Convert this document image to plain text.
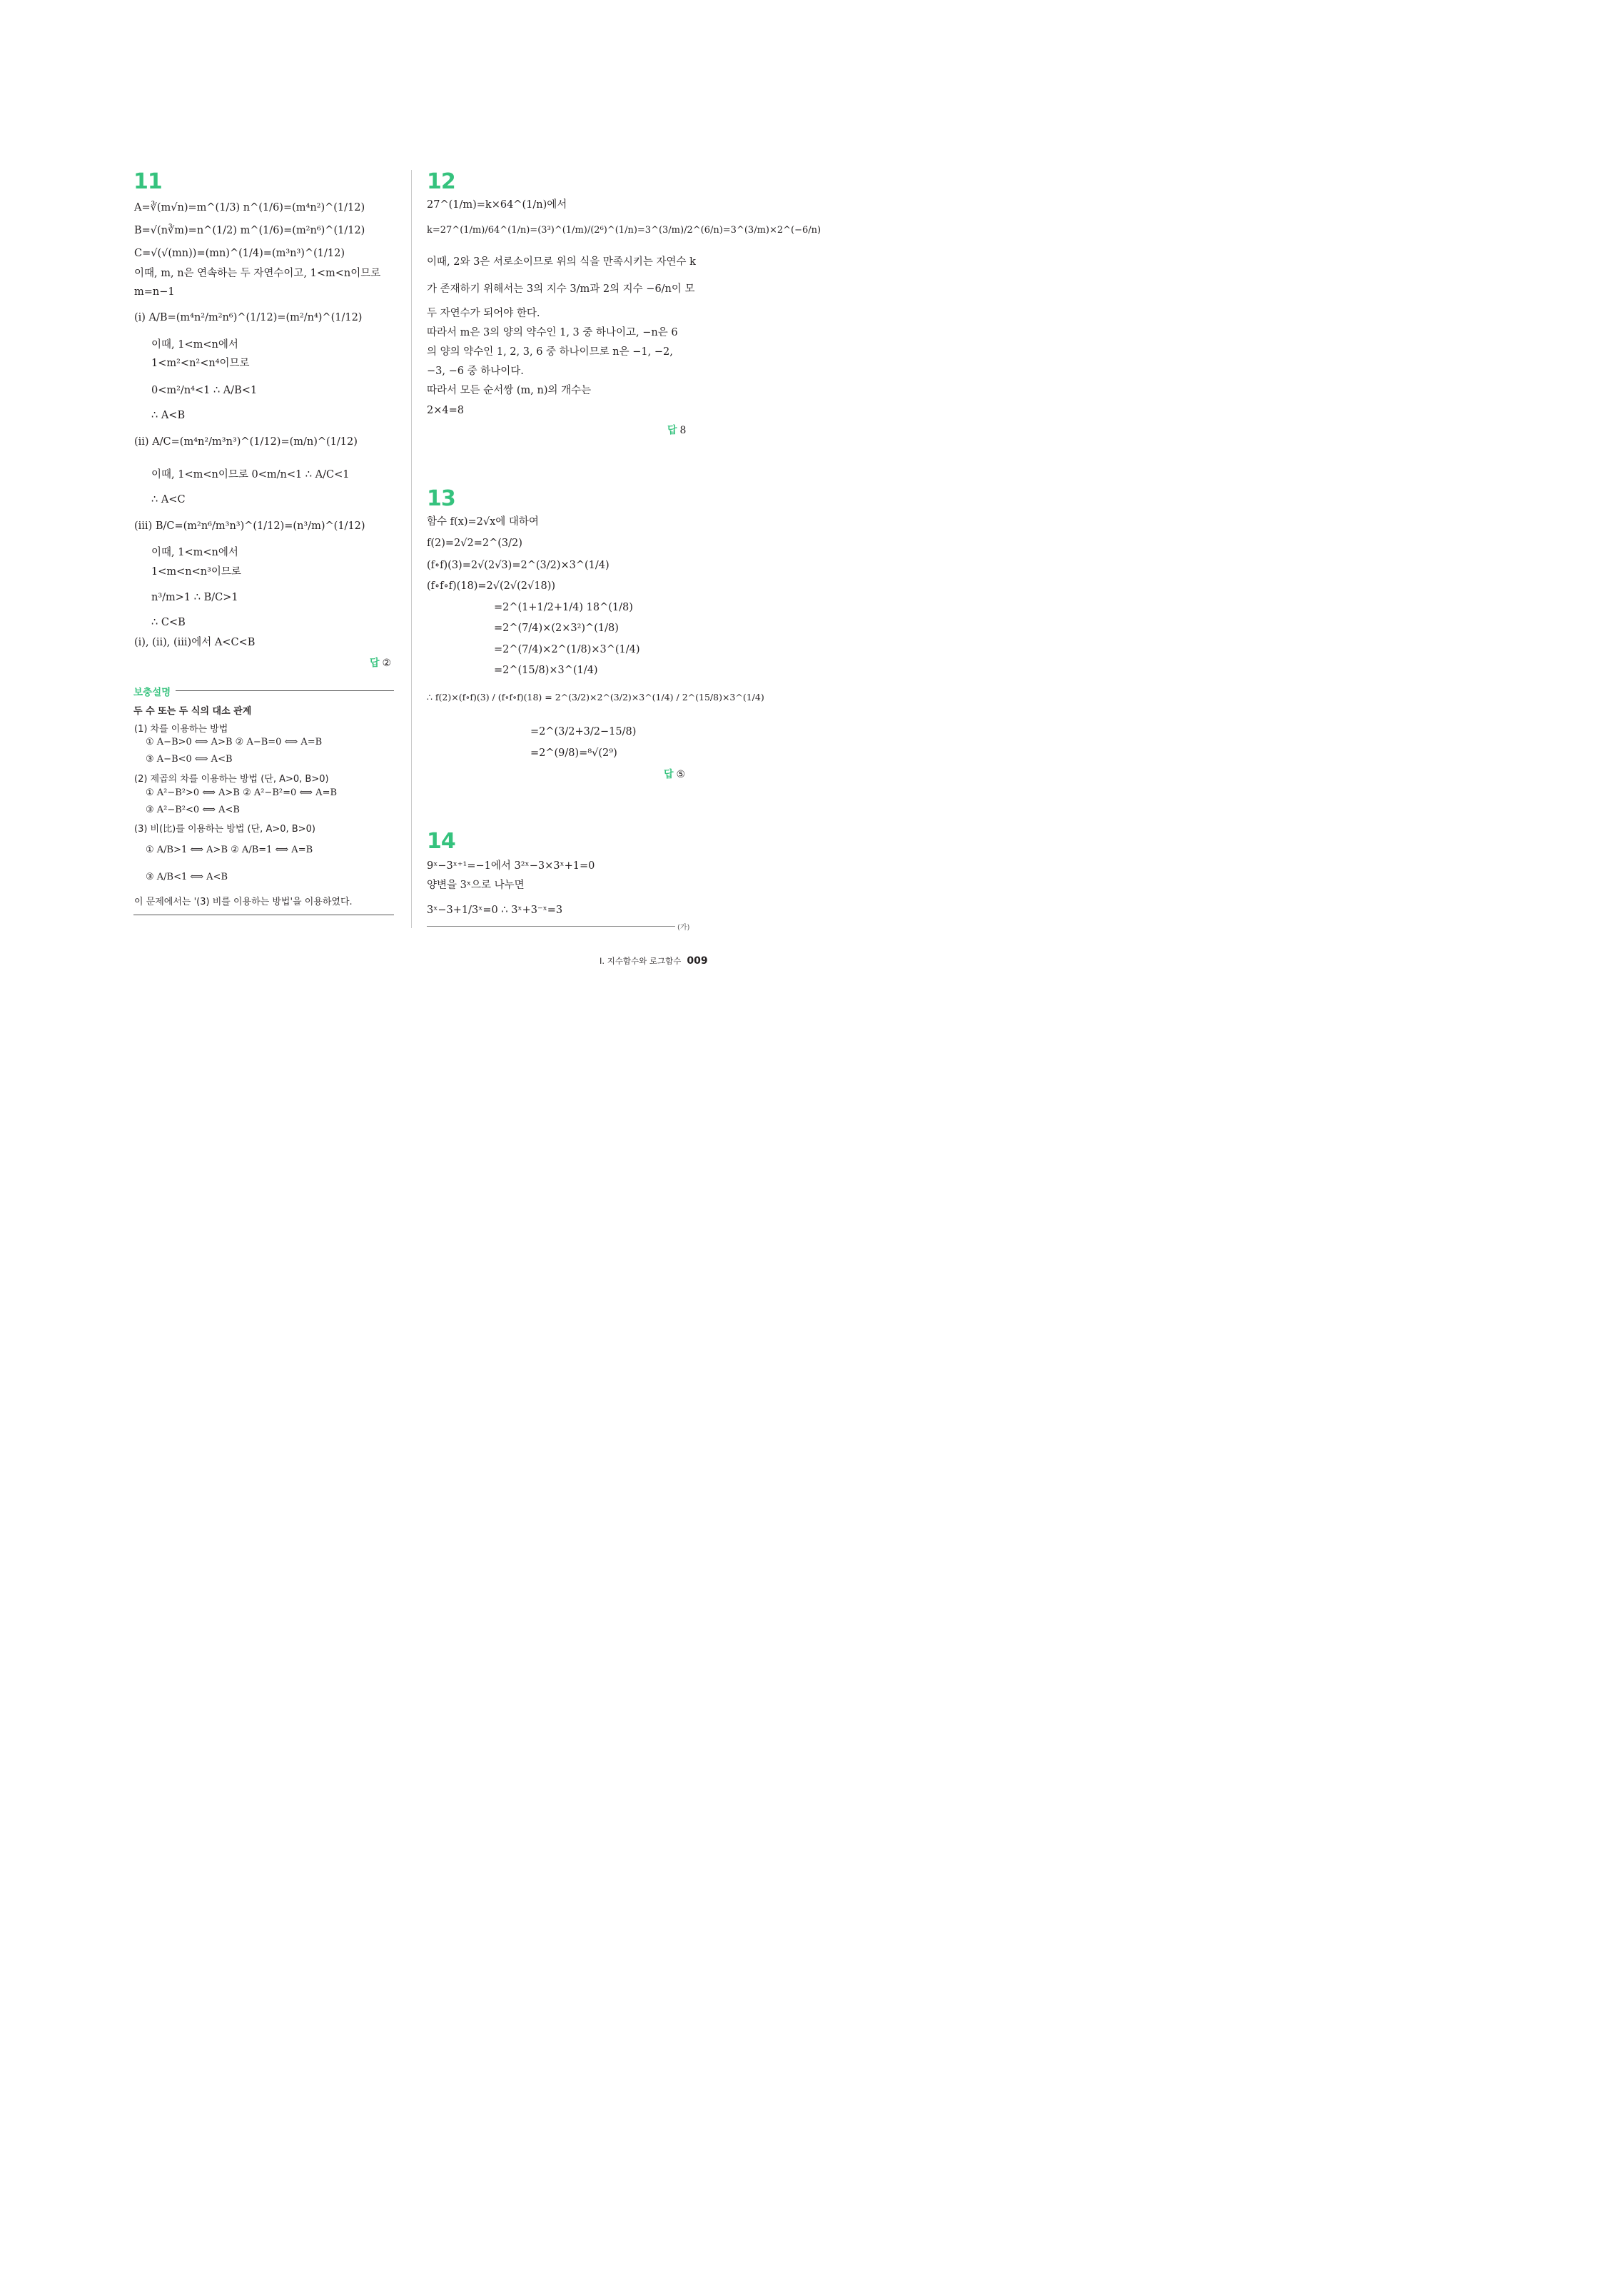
11
A=∛(m√n)=m^(1/3) n^(1/6)=(m⁴n²)^(1/12)
B=√(n∛m)=n^(1/2) m^(1/6)=(m²n⁶)^(1/12)
C=√(√(mn))=(mn)^(1/4)=(m³n³)^(1/12)
이때, m, n은 연속하는 두 자연수이고, 1<m<n이므로
m=n−1
(ⅰ) A/B=(m⁴n²/m²n⁶)^(1/12)=(m²/n⁴)^(1/12)
이때, 1<m<n에서
1<m²<n²<n⁴이므로
0<m²/n⁴<1 ∴ A/B<1
∴ A<B
(ⅱ) A/C=(m⁴n²/m³n³)^(1/12)=(m/n)^(1/12)
이때, 1<m<n이므로 0<m/n<1 ∴ A/C<1
∴ A<C
(ⅲ) B/C=(m²n⁶/m³n³)^(1/12)=(n³/m)^(1/12)
이때, 1<m<n에서
1<m<n<n³이므로
n³/m>1 ∴ B/C>1
∴ C<B
(ⅰ), (ⅱ), (ⅲ)에서 A<C<B
답 ②
보충설명
두 수 또는 두 식의 대소 관계
(1) 차를 이용하는 방법
① A−B>0 ⟺ A>B ② A−B=0 ⟺ A=B
③ A−B<0 ⟺ A<B
(2) 제곱의 차를 이용하는 방법 (단, A>0, B>0)
① A²−B²>0 ⟺ A>B ② A²−B²=0 ⟺ A=B
③ A²−B²<0 ⟺ A<B
(3) 비(比)를 이용하는 방법 (단, A>0, B>0)
① A/B>1 ⟺ A>B ② A/B=1 ⟺ A=B
③ A/B<1 ⟺ A<B
이 문제에서는 '(3) 비를 이용하는 방법'을 이용하였다.
12
27^(1/m)=k×64^(1/n)에서
k=27^(1/m)/64^(1/n)=(3³)^(1/m)/(2⁶)^(1/n)=3^(3/m)/2^(6/n)=3^(3/m)×2^(−6/n)
이때, 2와 3은 서로소이므로 위의 식을 만족시키는 자연수 k
가 존재하기 위해서는 3의 지수 3/m과 2의 지수 −6/n이 모
두 자연수가 되어야 한다.
따라서 m은 3의 양의 약수인 1, 3 중 하나이고, −n은 6
의 양의 약수인 1, 2, 3, 6 중 하나이므로 n은 −1, −2,
−3, −6 중 하나이다.
따라서 모든 순서쌍 (m, n)의 개수는
2×4=8
답 8
13
함수 f(x)=2√x에 대하여
f(2)=2√2=2^(3/2)
(f∘f)(3)=2√(2√3)=2^(3/2)×3^(1/4)
(f∘f∘f)(18)=2√(2√(2√18))
=2^(1+1/2+1/4) 18^(1/8)
=2^(7/4)×(2×3²)^(1/8)
=2^(7/4)×2^(1/8)×3^(1/4)
=2^(15/8)×3^(1/4)
∴ f(2)×(f∘f)(3) / (f∘f∘f)(18) = 2^(3/2)×2^(3/2)×3^(1/4) / 2^(15/8)×3^(1/4)
=2^(3/2+3/2−15/8)
=2^(9/8)=⁸√(2⁹)
답 ⑤
14
9ˣ−3ˣ⁺¹=−1에서 3²ˣ−3×3ˣ+1=0
양변을 3ˣ으로 나누면
3ˣ−3+1/3ˣ=0 ∴ 3ˣ+3⁻ˣ=3
(가)
Ⅰ. 지수함수와 로그함수 009
